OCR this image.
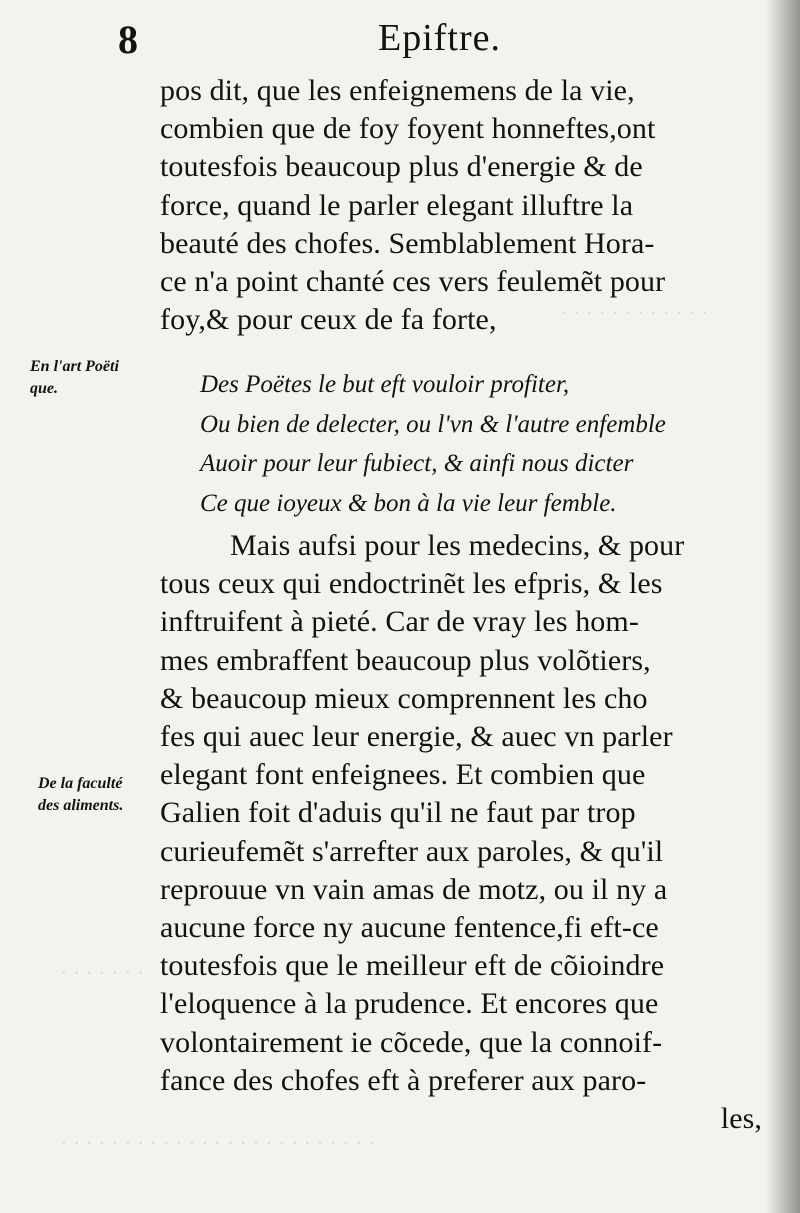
· · · · · · · · · · · ·
· · · · · · · · · · · · · · · · · · · · · · · · ·
· · · · · · ·
8	Epiftre.
pos dit, que les enfeignemens de la vie,
combien que de foy foyent honneftes,ont
toutesfois beaucoup plus d'energie & de
force, quand le parler elegant illuftre la
beauté des chofes. Semblablement Hora-
ce n'a point chanté ces vers feulemẽt pour
foy,& pour ceux de fa forte,
En l'art Poëti
que.	Des Poëtes le but eft vouloir profiter,
Ou bien de delecter, ou l'vn & l'autre enfemble
Auoir pour leur fubiect, & ainfi nous dicter
Ce que ioyeux & bon à la vie leur femble.
Mais aufsi pour les medecins, & pour
tous ceux qui endoctrinẽt les efpris, & les
inftruifent à pieté. Car de vray les hom-
mes embraffent beaucoup plus volõtiers,
& beaucoup mieux comprennent les cho
fes qui auec leur energie, & auec vn parler
elegant font enfeignees. Et combien que
Galien foit d'aduis qu'il ne faut par trop
curieufemẽt s'arrefter aux paroles, & qu'il
reprouue vn vain amas de motz, ou il ny a
aucune force ny aucune fentence,fi eft-ce
toutesfois que le meilleur eft de cõioindre
l'eloquence à la prudence. Et encores que
volontairement ie cõcede, que la connoif-
fance des chofes eft à preferer aux paro-
les,
De la faculté
des aliments.
